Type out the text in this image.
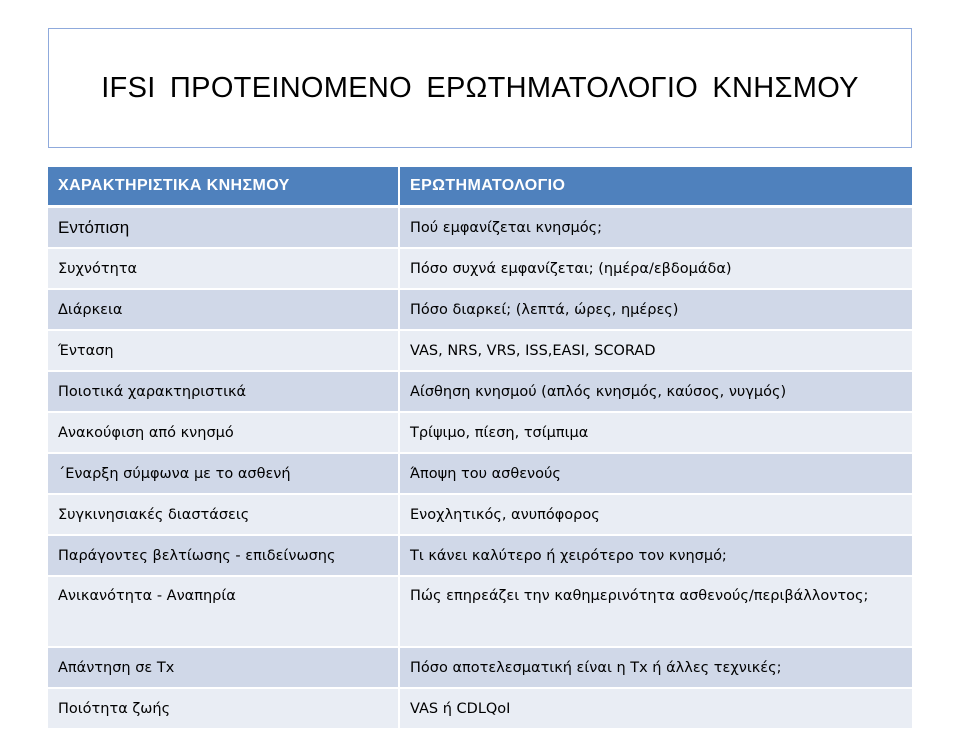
IFSI ΠΡΟΤΕΙΝΟΜΕΝΟ ΕΡΩΤΗΜΑΤΟΛΟΓΙΟ ΚΝΗΣΜΟΥ
ΧΑΡΑΚΤΗΡΙΣΤΙΚΑ ΚΝΗΣΜΟΥ	ΕΡΩΤΗΜΑΤΟΛΟΓΙΟ
Εντόπιση	Πού εμφανίζεται κνησμός;
Συχνότητα	Πόσο συχνά εμφανίζεται; (ημέρα/εβδομάδα)
Διάρκεια	Πόσο διαρκεί; (λεπτά, ώρες, ημέρες)
Ένταση	VAS, NRS, VRS, ISS,EASI, SCORAD
Ποιοτικά χαρακτηριστικά	Αίσθηση κνησμού (απλός κνησμός, καύσος, νυγμός)
Ανακούφιση από κνησμό	Τρίψιμο, πίεση, τσίμπιμα
΄Εναρξη σύμφωνα με το ασθενή	Άποψη του ασθενούς
Συγκινησιακές διαστάσεις	Ενοχλητικός, ανυπόφορος
Παράγοντες βελτίωσης - επιδείνωσης	Τι κάνει καλύτερο ή χειρότερο τον κνησμό;
Ανικανότητα - Αναπηρία	Πώς επηρεάζει την καθημερινότητα ασθενούς/περιβάλλοντος;
Απάντηση σε Tx	Πόσο αποτελεσματική είναι η Tx ή άλλες τεχνικές;
Ποιότητα ζωής	VAS ή CDLQoI
